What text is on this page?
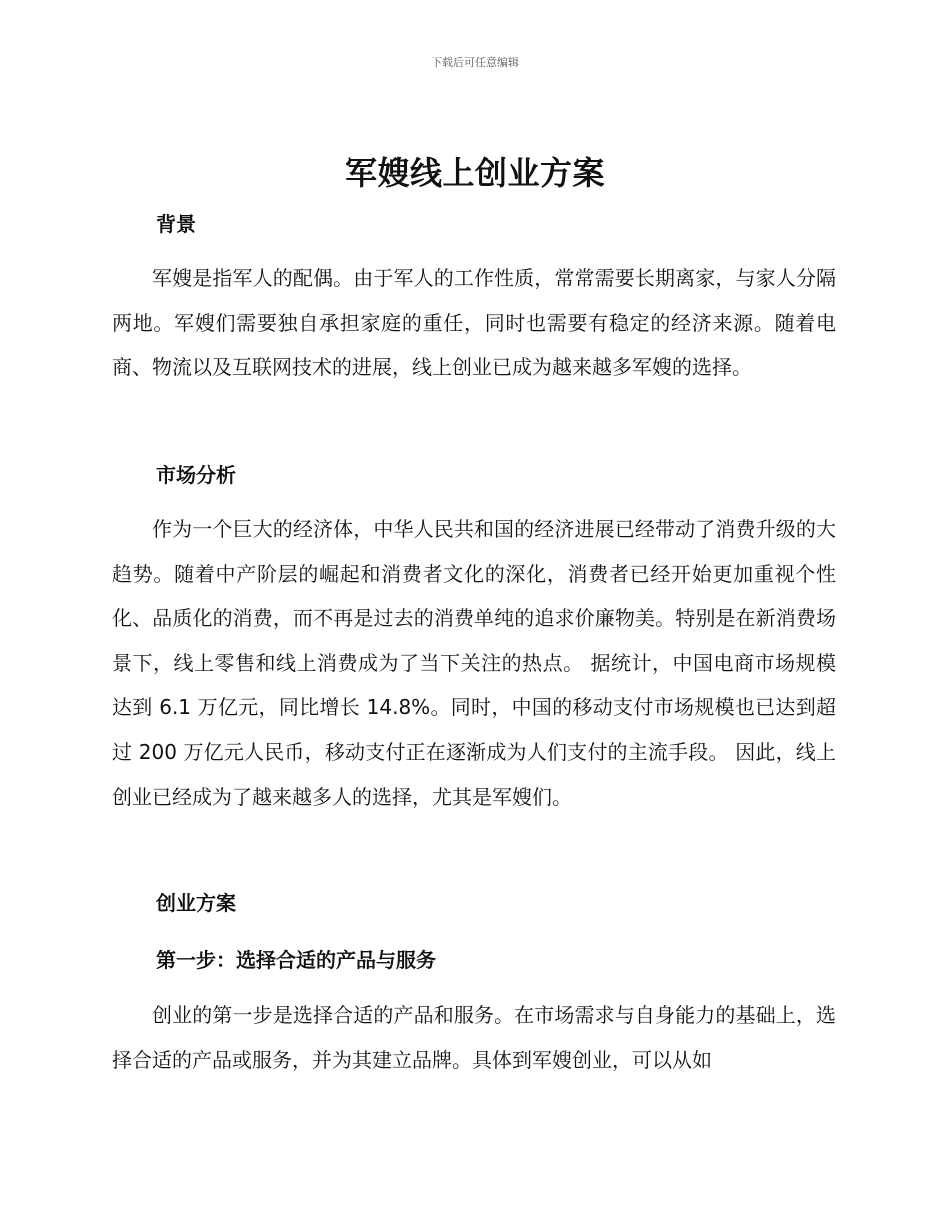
下载后可任意编辑
军嫂线上创业方案
背景

军嫂是指军人的配偶。由于军人的工作性质，常常需要长期离家，与家人分隔两地。军嫂们需要独自承担家庭的重任，同时也需要有稳定的经济来源。随着电商、物流以及互联网技术的进展，线上创业已成为越来越多军嫂的选择。

市场分析

作为一个巨大的经济体，中华人民共和国的经济进展已经带动了消费升级的大趋势。随着中产阶层的崛起和消费者文化的深化，消费者已经开始更加重视个性化、品质化的消费，而不再是过去的消费单纯的追求价廉物美。特别是在新消费场景下，线上零售和线上消费成为了当下关注的热点。 据统计，中国电商市场规模达到 6.1 万亿元，同比增长 14.8%。同时，中国的移动支付市场规模也已达到超过 200 万亿元人民币，移动支付正在逐渐成为人们支付的主流手段。 因此，线上创业已经成为了越来越多人的选择，尤其是军嫂们。

创业方案
第一步：选择合适的产品与服务

创业的第一步是选择合适的产品和服务。在市场需求与自身能力的基础上，选择合适的产品或服务，并为其建立品牌。具体到军嫂创业，可以从如
